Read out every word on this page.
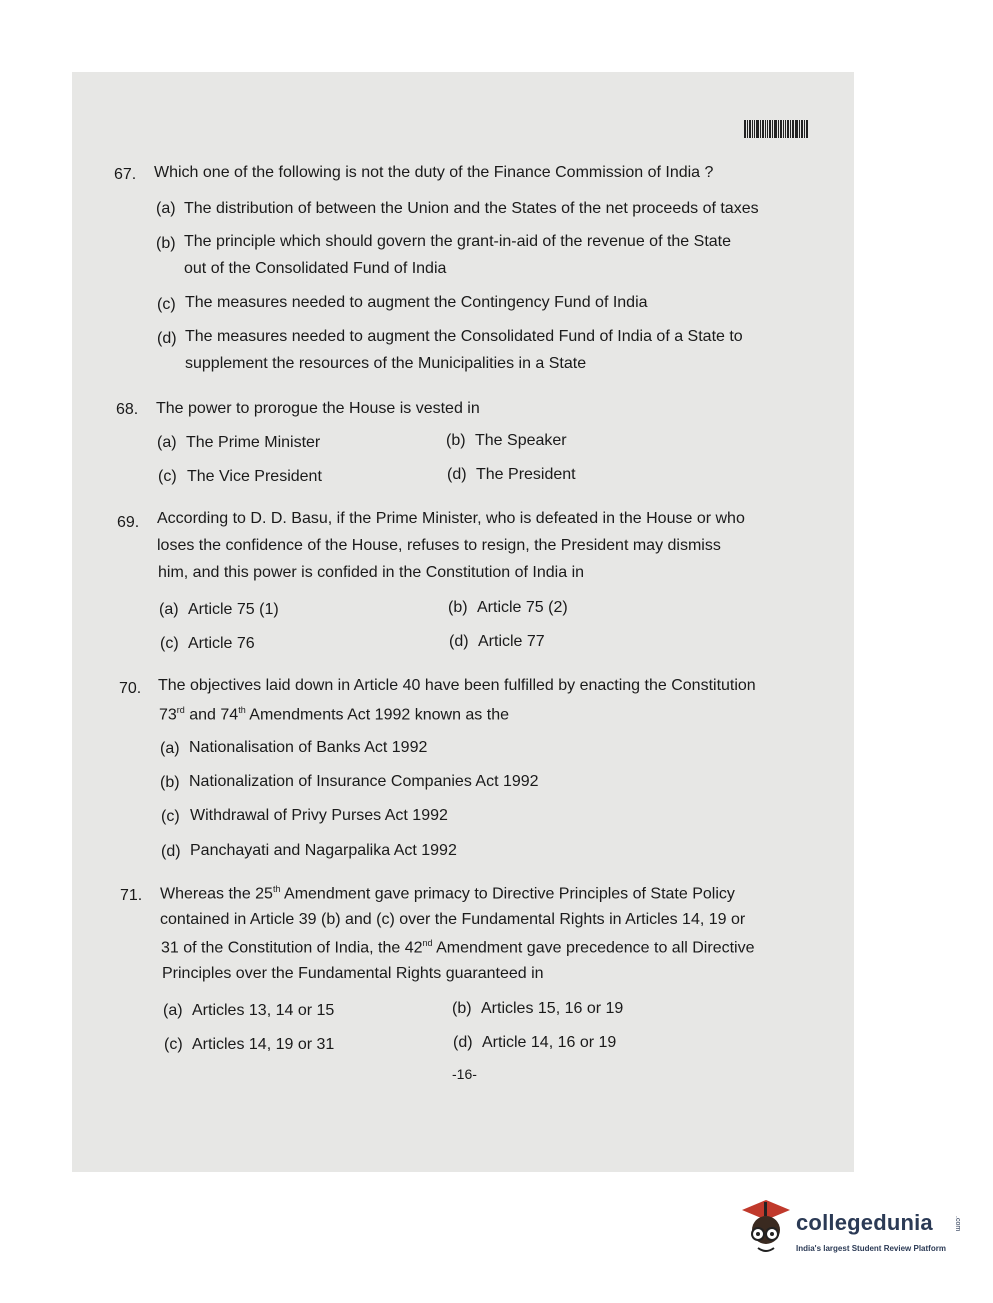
67. Which one of the following is not the duty of the Finance Commission of India ?
(a) The distribution of between the Union and the States of the net proceeds of taxes
(b) The principle which should govern the grant-in-aid of the revenue of the State
out of the Consolidated Fund of India
(c) The measures needed to augment the Contingency Fund of India
(d) The measures needed to augment the Consolidated Fund of India of a State to
supplement the resources of the Municipalities in a State
68. The power to prorogue the House is vested in
(a) The Prime Minister	(b) The Speaker
(c) The Vice President	(d) The President
69. According to D. D. Basu, if the Prime Minister, who is defeated in the House or who
loses the confidence of the House, refuses to resign, the President may dismiss
him, and this power is confided in the Constitution of India in
(a) Article 75 (1)	(b) Article 75 (2)
(c) Article 76	(d) Article 77
70. The objectives laid down in Article 40 have been fulfilled by enacting the Constitution
73rd and 74th Amendments Act 1992 known as the
(a) Nationalisation of Banks Act 1992
(b) Nationalization of Insurance Companies Act 1992
(c) Withdrawal of Privy Purses Act 1992
(d) Panchayati and Nagarpalika Act 1992
71. Whereas the 25th Amendment gave primacy to Directive Principles of State Policy
contained in Article 39 (b) and (c) over the Fundamental Rights in Articles 14, 19 or
31 of the Constitution of India, the 42nd Amendment gave precedence to all Directive
Principles over the Fundamental Rights guaranteed in
(a) Articles 13, 14 or 15	(b) Articles 15, 16 or 19
(c) Articles 14, 19 or 31	(d) Article 14, 16 or 19
-16-
collegedunia	.com
India's largest Student Review Platform
